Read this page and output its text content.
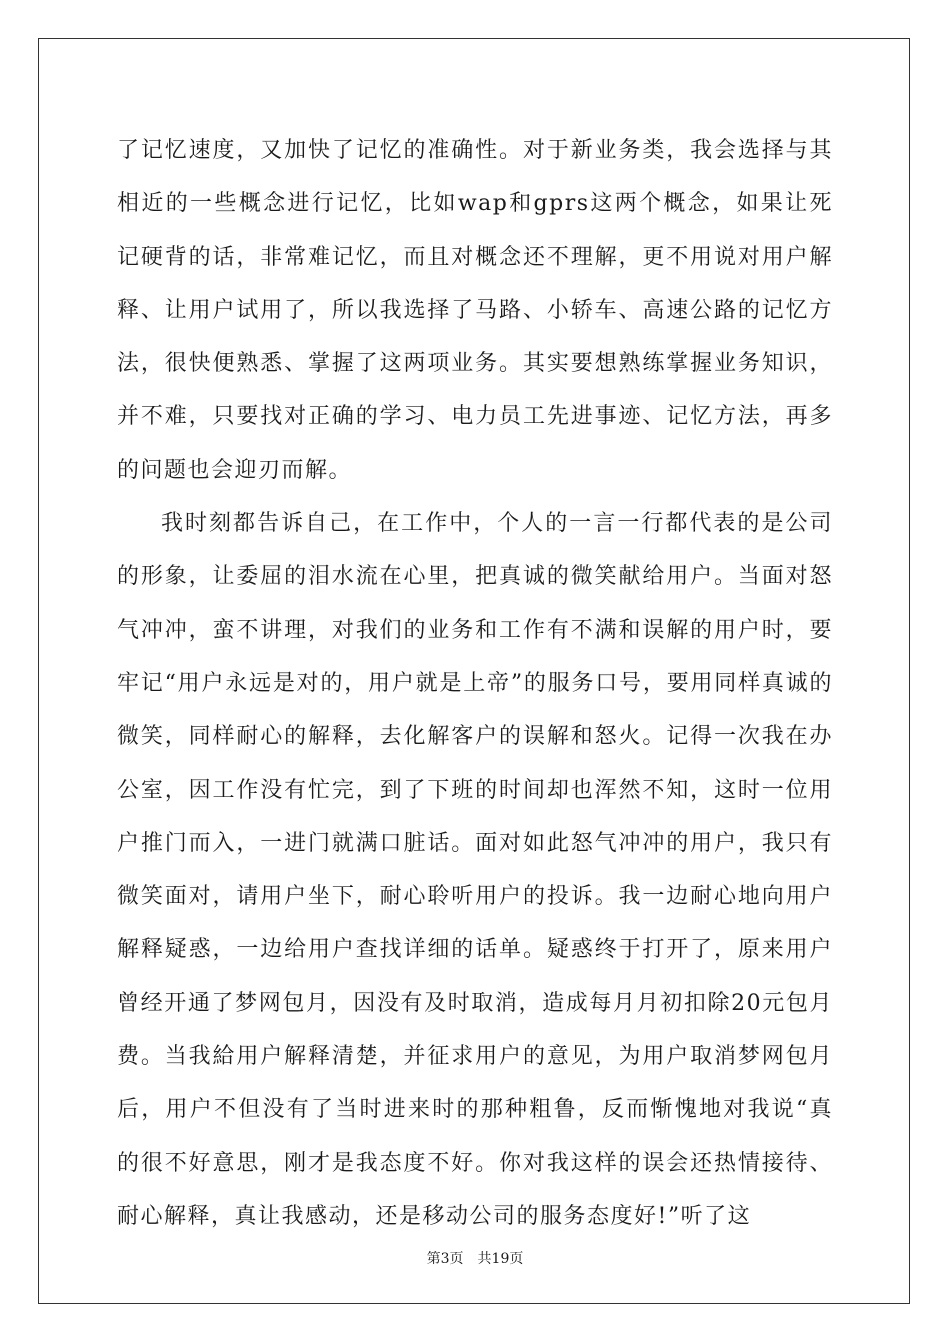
了记忆速度，又加快了记忆的准确性。对于新业务类，我会选择与其相近的一些概念进行记忆，比如wap和gprs这两个概念，如果让死记硬背的话，非常难记忆，而且对概念还不理解，更不用说对用户解释、让用户试用了，所以我选择了马路、小轿车、高速公路的记忆方法，很快便熟悉、掌握了这两项业务。其实要想熟练掌握业务知识，并不难，只要找对正确的学习、电力员工先进事迹、记忆方法，再多的问题也会迎刃而解。

我时刻都告诉自己，在工作中，个人的一言一行都代表的是公司的形象，让委屈的泪水流在心里，把真诚的微笑献给用户。当面对怒气冲冲，蛮不讲理，对我们的业务和工作有不满和误解的用户时，要牢记“用户永远是对的，用户就是上帝”的服务口号，要用同样真诚的微笑，同样耐心的解释，去化解客户的误解和怒火。记得一次我在办公室，因工作没有忙完，到了下班的时间却也浑然不知，这时一位用户推门而入，一进门就满口脏话。面对如此怒气冲冲的用户，我只有微笑面对，请用户坐下，耐心聆听用户的投诉。我一边耐心地向用户解释疑惑，一边给用户查找详细的话单。疑惑终于打开了，原来用户曾经开通了梦网包月，因没有及时取消，造成每月月初扣除20元包月费。当我給用户解释清楚，并征求用户的意见，为用户取消梦网包月后，用户不但没有了当时进来时的那种粗鲁，反而惭愧地对我说“真的很不好意思，刚才是我态度不好。你对我这样的误会还热情接待、耐心解释，真让我感动，还是移动公司的服务态度好!”听了这

第3页　共19页
